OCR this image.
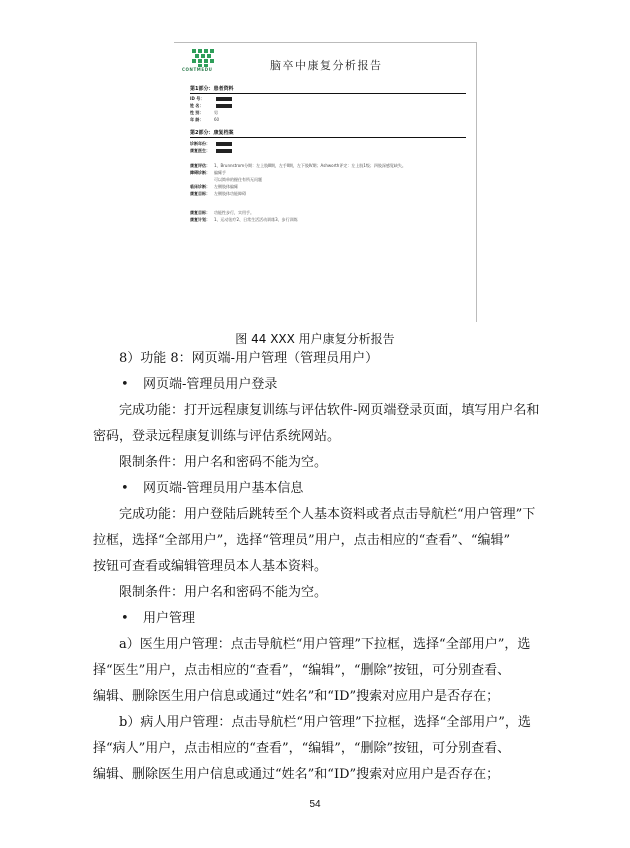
CONTMEDU	脑卒中康复分析报告
第1部分：患者资料
ID 号：
姓 名：
性 别：	男
年 龄：	60
第2部分：康复档案
诊断年份：
康复医生：
康复评估： 1、Brunnstrom分期：左上肢Ⅲ期，左手Ⅱ期，左下肢Ⅳ期；Ashworth评定：左上肢1级；四肢深感觉缺失。
障碍诊断： 偏瘫手
可以简单的握住有所无问题
临床诊断： 左侧肢体偏瘫
康复目标： 左侧肢体功能障碍
康复目标： 功能性步行，实用手。
康复计划： 1、运动治疗2、日常生活活动训练3、步行训练
图 44 XXX 用户康复分析报告
8）功能 8：网页端-用户管理（管理员用户）
• 网页端-管理员用户登录
完成功能：打开远程康复训练与评估软件-网页端登录页面，填写用户名和
密码，登录远程康复训练与评估系统网站。
限制条件：用户名和密码不能为空。
• 网页端-管理员用户基本信息
完成功能：用户登陆后跳转至个人基本资料或者点击导航栏“用户管理”下
拉框，选择“全部用户”，选择“管理员”用户，点击相应的“查看”、“编辑”
按钮可查看或编辑管理员本人基本资料。
限制条件：用户名和密码不能为空。
• 用户管理
a）医生用户管理：点击导航栏“用户管理”下拉框，选择“全部用户”，选
择“医生”用户，点击相应的“查看”，“编辑”，“删除”按钮，可分别查看、
编辑、删除医生用户信息或通过“姓名”和“ID”搜索对应用户是否存在；
b）病人用户管理：点击导航栏“用户管理”下拉框，选择“全部用户”，选
择“病人”用户，点击相应的“查看”，“编辑”，“删除”按钮，可分别查看、
编辑、删除医生用户信息或通过“姓名”和“ID”搜索对应用户是否存在；
54
